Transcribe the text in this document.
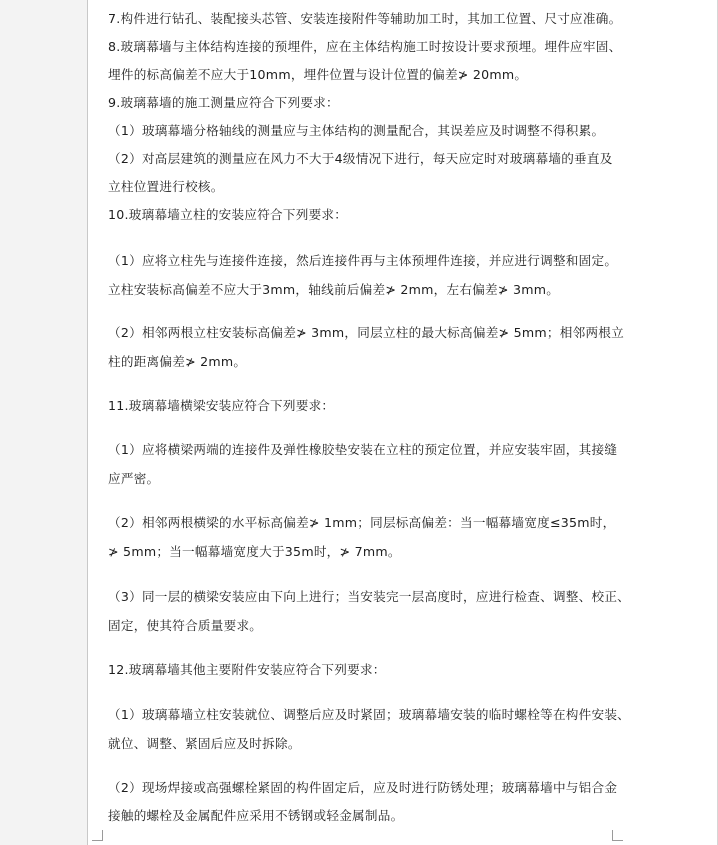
7.构件进行钻孔、装配接头芯管、安装连接附件等辅助加工时，其加工位置、尺寸应准确。
8.玻璃幕墙与主体结构连接的预埋件，应在主体结构施工时按设计要求预埋。埋件应牢固、
埋件的标高偏差不应大于10mm，埋件位置与设计位置的偏差≯ 20mm。
9.玻璃幕墙的施工测量应符合下列要求：
（1）玻璃幕墙分格轴线的测量应与主体结构的测量配合，其误差应及时调整不得积累。
（2）对高层建筑的测量应在风力不大于4级情况下进行，每天应定时对玻璃幕墙的垂直及
立柱位置进行校核。
10.玻璃幕墙立柱的安装应符合下列要求：
（1）应将立柱先与连接件连接，然后连接件再与主体预埋件连接，并应进行调整和固定。
立柱安装标高偏差不应大于3mm，轴线前后偏差≯ 2mm，左右偏差≯ 3mm。
（2）相邻两根立柱安装标高偏差≯ 3mm，同层立柱的最大标高偏差≯ 5mm；相邻两根立
柱的距离偏差≯ 2mm。
11.玻璃幕墙横梁安装应符合下列要求：
（1）应将横梁两端的连接件及弹性橡胶垫安装在立柱的预定位置，并应安装牢固，其接缝
应严密。
（2）相邻两根横梁的水平标高偏差≯ 1mm；同层标高偏差：当一幅幕墙宽度≤35m时，
≯ 5mm；当一幅幕墙宽度大于35m时，≯ 7mm。
（3）同一层的横梁安装应由下向上进行；当安装完一层高度时，应进行检查、调整、校正、
固定，使其符合质量要求。
12.玻璃幕墙其他主要附件安装应符合下列要求：
（1）玻璃幕墙立柱安装就位、调整后应及时紧固；玻璃幕墙安装的临时螺栓等在构件安装、
就位、调整、紧固后应及时拆除。
（2）现场焊接或高强螺栓紧固的构件固定后，应及时进行防锈处理；玻璃幕墙中与铝合金
接触的螺栓及金属配件应采用不锈钢或轻金属制品。
